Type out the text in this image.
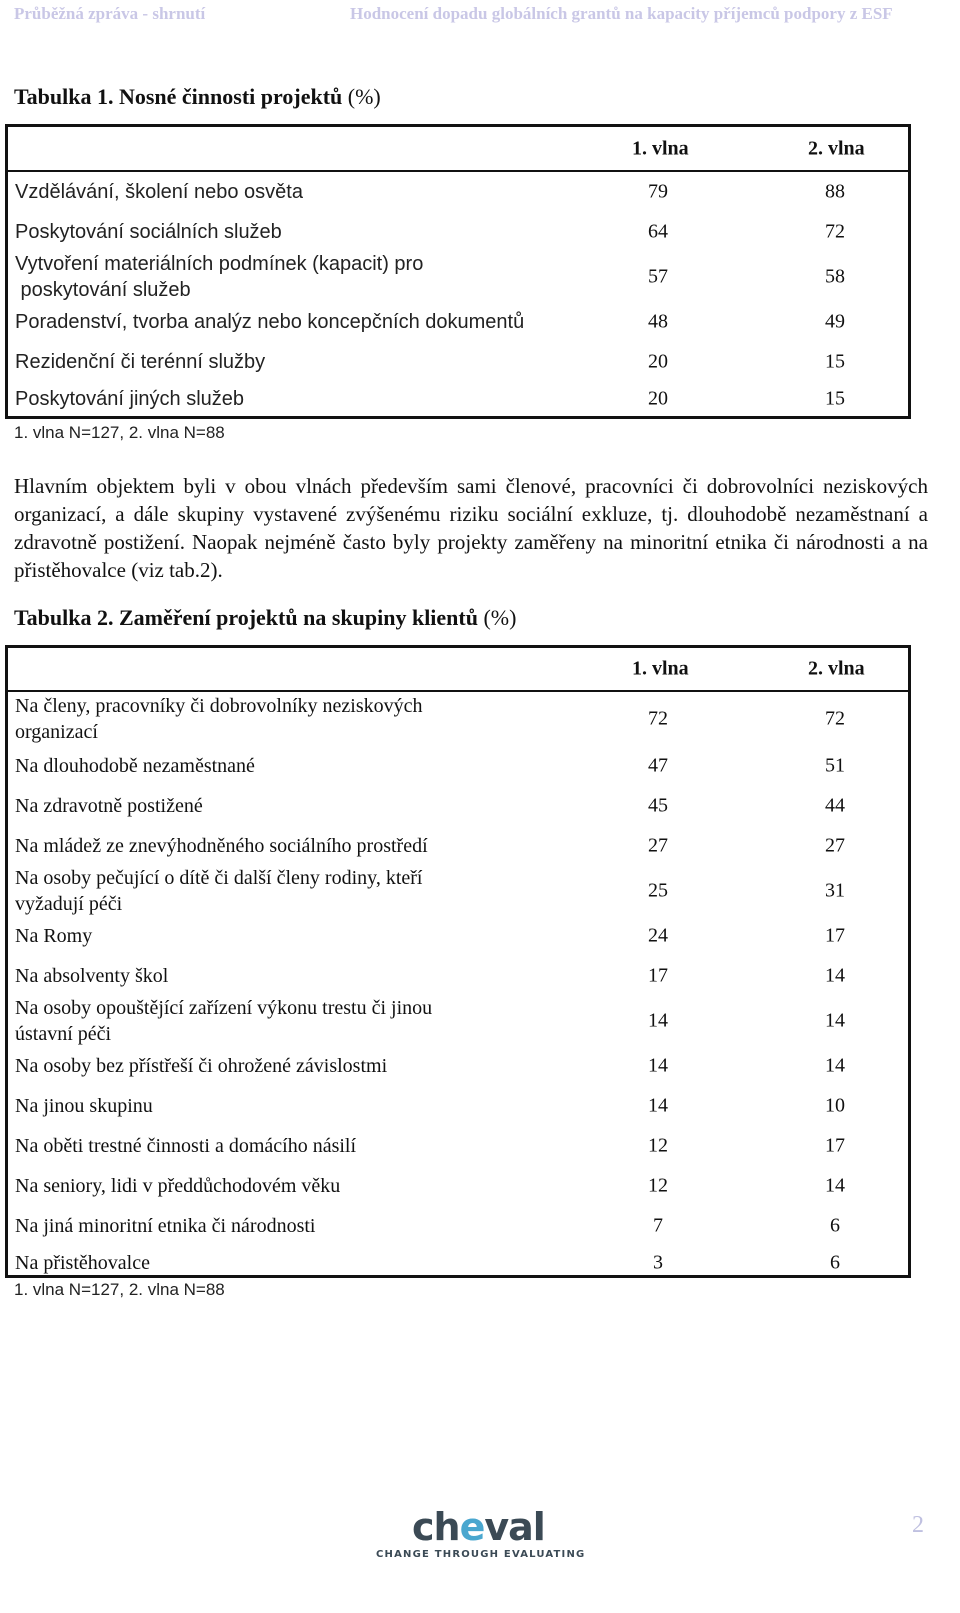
Průběžná zpráva - shrnutí	Hodnocení dopadu globálních grantů na kapacity příjemců podpory z ESF
Tabulka 1. Nosné činnosti projektů (%)
1. vlna	2. vlna
Vzdělávání, školení nebo osvěta	79	88
Poskytování sociálních služeb	64	72
Vytvoření materiálních podmínek (kapacit) pro
poskytování služeb
57	58
Poradenství, tvorba analýz nebo koncepčních dokumentů	48	49
Rezidenční či terénní služby	20	15
Poskytování jiných služeb	20	15
1. vlna N=127, 2. vlna N=88
Hlavním objektem byli v obou vlnách především sami členové, pracovníci či dobrovolníci neziskových organizací, a dále skupiny vystavené zvýšenému riziku sociální exkluze, tj. dlouhodobě nezaměstnaní a zdravotně postižení. Naopak nejméně často byly projekty zaměřeny na minoritní etnika či národnosti a na přistěhovalce (viz tab.2).
Tabulka 2. Zaměření projektů na skupiny klientů (%)
1. vlna	2. vlna
Na členy, pracovníky či dobrovolníky neziskových
organizací
72	72
Na dlouhodobě nezaměstnané	47	51
Na zdravotně postižené	45	44
Na mládež ze znevýhodněného sociálního prostředí	27	27
Na osoby pečující o dítě či další členy rodiny, kteří
vyžadují péči
25	31
Na Romy	24	17
Na absolventy škol	17	14
Na osoby opouštějící zařízení výkonu trestu či jinou
ústavní péči
14	14
Na osoby bez přístřeší či ohrožené závislostmi	14	14
Na jinou skupinu	14	10
Na oběti trestné činnosti a domácího násilí	12	17
Na seniory, lidi v předdůchodovém věku	12	14
Na jiná minoritní etnika či národnosti	7	6
Na přistěhovalce	3	6
1. vlna N=127, 2. vlna N=88
cheval
CHANGE THROUGH EVALUATING
2
